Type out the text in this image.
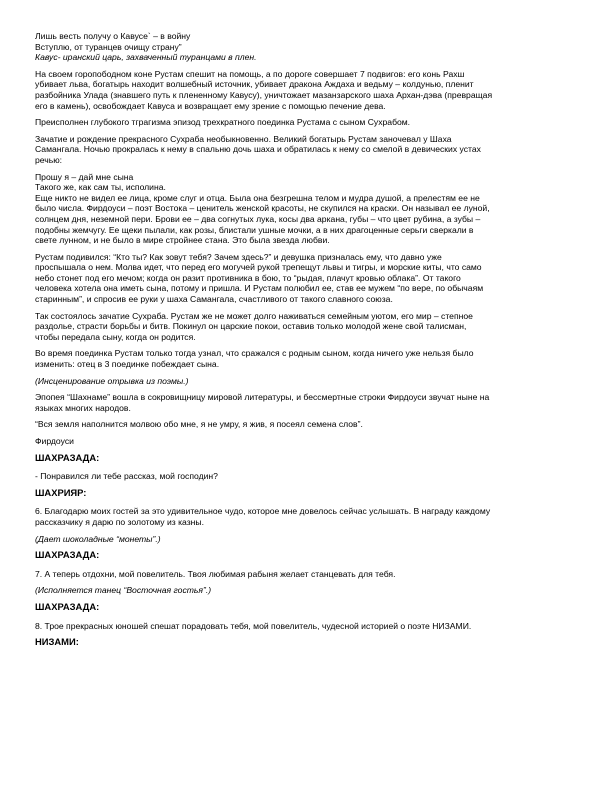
Лишь весть получу о Кавусе` – в войну
Вступлю, от туранцев очищу страну”
Кавус- иранский царь, захваченный туранцами в плен.
На своем горопободном коне Рустам спешит на помощь, а по дороге совершает 7 подвигов: его конь Рахш
убивает льва, богатырь находит волшебный источник, убивает дракона Аждаха и ведьму – колдунью, пленит
разбойника Улада (знавшего путь к плененному Кавусу), уничтожает мазанзарского шаха Архан-дэва (превращая
его в камень), освобождает Кавуса и возвращает ему зрение с помощью печение дева.
Преисполнен глубокого тграгизма эпизод трехкратного поединка Рустама с сыном Сухрабом.
Зачатие и рождение прекрасного Сухраба необыкновенно. Великий богатырь Рустам заночевал у Шаха
Самангала. Ночью прокралась к нему в спальню дочь шаха и обратилась к нему со смелой в девических устах
речью:
Прошу я – дай мне сына
Такого же, как сам ты, исполина.
Еще никто не видел ее лица, кроме слуг и отца. Была она безгрешна телом и мудра душой, а прелестям ее не
было числа. Фирдоуси – поэт Востока – ценитель женской красоты, не скупился на краски. Он называл ее луной,
солнцем дня, неземной пери. Брови ее – два согнутых лука, косы два аркана, губы – что цвет рубина, а зубы –
подобны жемчугу. Ее щеки пылали, как розы, блистали ушные мочки, а в них драгоценные серьги сверкали в
свете лунном, и не было в мире стройнее стана. Это была звезда любви.
Рустам подивился: “Кто ты? Как зовут тебя? Зачем здесь?” и девушка призналась ему, что давно уже
проспышала о нем. Молва идет, что перед его могучей рукой трепещут львы и тигры, и морские киты, что само
небо стонет под его мечом; когда он разит противника в бою, то “рыдая, плачут кровью облака”. От такого
человека хотела она иметь сына, потому и пришла. И Рустам полюбил ее, став ее мужем “по вере, по обычаям
старинным”, и спросив ее руки у шаха Самангала, счастливого от такого славного союза.
Так состоялось зачатие Сухраба. Рустам же не может долго наживаться семейным уютом, его мир – степное
раздолье, страсти борьбы и битв. Покинул он царские покои, оставив только молодой жене свой талисман,
чтобы передала сыну, когда он родится.
Во время поединка Рустам только тогда узнал, что сражался с родным сыном, когда ничего уже нельзя было
изменить: отец в 3 поединке побеждает сына.
(Инсценирование отрывка из поэмы.)
Эпопея “Шахнаме” вошла в сокровищницу мировой литературы, и бессмертные строки Фирдоуси звучат ныне на
языках многих народов.
“Вся земля наполнится молвою обо мне, я не умру, я жив, я посеял семена слов”.
Фирдоуси
ШАХРАЗАДА:
- Понравился ли тебе рассказ, мой господин?
ШАХРИЯР:
6. Благодарю моих гостей за это удивительное чудо, которое мне довелось сейчас услышать. В награду каждому
рассказчику я дарю по золотому из казны.
(Дает шоколадные “монеты”.)
ШАХРАЗАДА:
7. А теперь отдохни, мой повелитель. Твоя любимая рабыня желает станцевать для тебя.
(Исполняется танец “Восточная гостья”.)
ШАХРАЗАДА:
8. Трое прекрасных юношей спешат порадовать тебя, мой повелитель, чудесной историей о поэте НИЗАМИ.
НИЗАМИ:
